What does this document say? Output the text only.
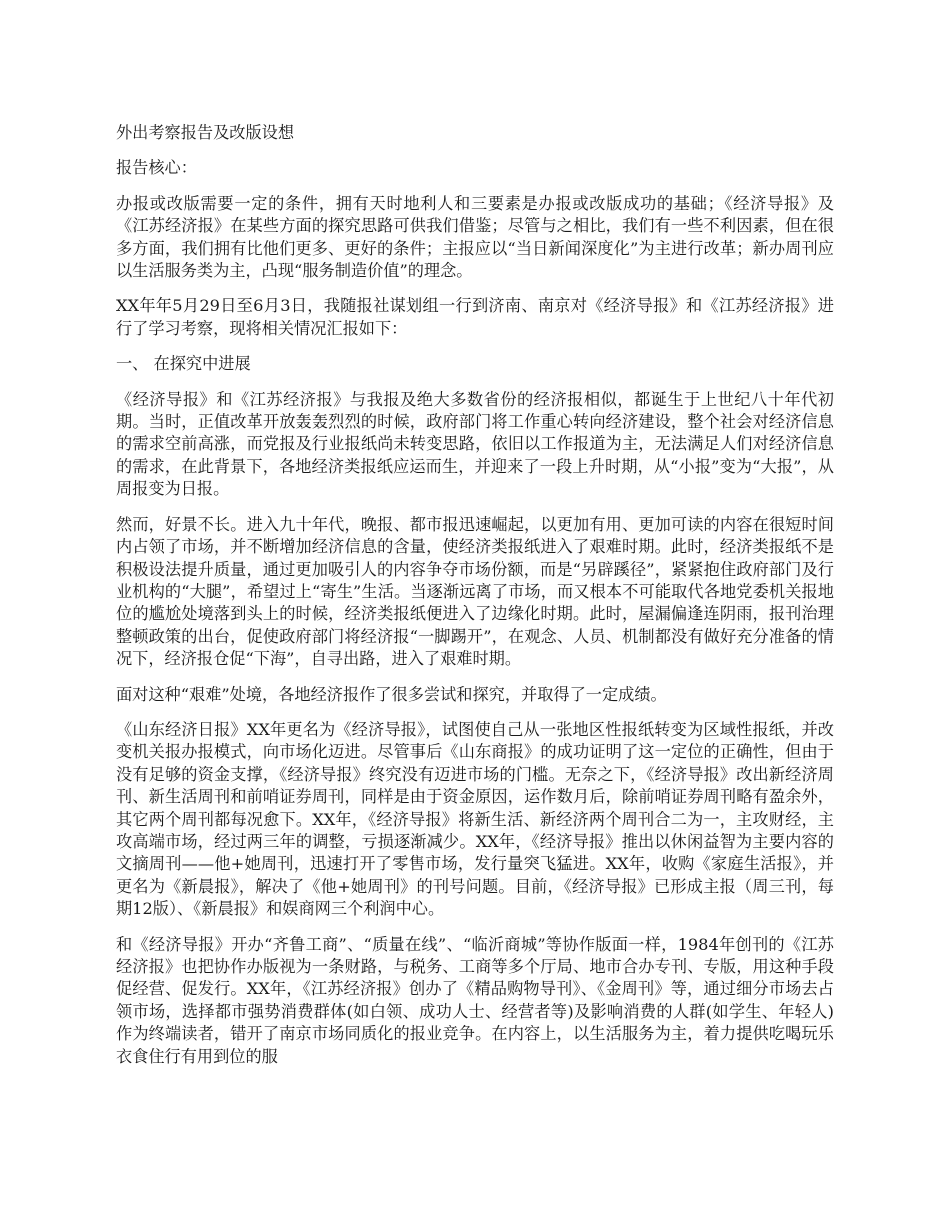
外出考察报告及改版设想

报告核心：

办报或改版需要一定的条件，拥有天时地利人和三要素是办报或改版成功的基础；《经济导报》及《江苏经济报》在某些方面的探究思路可供我们借鉴；尽管与之相比，我们有一些不利因素，但在很多方面，我们拥有比他们更多、更好的条件；主报应以“当日新闻深度化”为主进行改革；新办周刊应以生活服务类为主，凸现“服务制造价值”的理念。

XX年年5月29日至6月3日，我随报社谋划组一行到济南、南京对《经济导报》和《江苏经济报》进行了学习考察，现将相关情况汇报如下：

一、 在探究中进展

《经济导报》和《江苏经济报》与我报及绝大多数省份的经济报相似，都诞生于上世纪八十年代初期。当时，正值改革开放轰轰烈烈的时候，政府部门将工作重心转向经济建设，整个社会对经济信息的需求空前高涨，而党报及行业报纸尚未转变思路，依旧以工作报道为主，无法满足人们对经济信息的需求，在此背景下，各地经济类报纸应运而生，并迎来了一段上升时期，从“小报”变为“大报”，从周报变为日报。

然而，好景不长。进入九十年代，晚报、都市报迅速崛起，以更加有用、更加可读的内容在很短时间内占领了市场，并不断增加经济信息的含量，使经济类报纸进入了艰难时期。此时，经济类报纸不是积极设法提升质量，通过更加吸引人的内容争夺市场份额，而是“另辟蹊径”，紧紧抱住政府部门及行业机构的“大腿”，希望过上“寄生”生活。当逐渐远离了市场，而又根本不可能取代各地党委机关报地位的尴尬处境落到头上的时候，经济类报纸便进入了边缘化时期。此时，屋漏偏逢连阴雨，报刊治理整顿政策的出台，促使政府部门将经济报“一脚踢开”，在观念、人员、机制都没有做好充分准备的情况下，经济报仓促“下海”，自寻出路，进入了艰难时期。

面对这种“艰难”处境，各地经济报作了很多尝试和探究，并取得了一定成绩。

《山东经济日报》XX年更名为《经济导报》，试图使自己从一张地区性报纸转变为区域性报纸，并改变机关报办报模式，向市场化迈进。尽管事后《山东商报》的成功证明了这一定位的正确性，但由于没有足够的资金支撑，《经济导报》终究没有迈进市场的门槛。无奈之下，《经济导报》改出新经济周刊、新生活周刊和前哨证券周刊，同样是由于资金原因，运作数月后，除前哨证券周刊略有盈余外，其它两个周刊都每况愈下。XX年，《经济导报》将新生活、新经济两个周刊合二为一，主攻财经，主攻高端市场，经过两三年的调整，亏损逐渐减少。XX年，《经济导报》推出以休闲益智为主要内容的文摘周刊——他+她周刊，迅速打开了零售市场，发行量突飞猛进。XX年，收购《家庭生活报》，并更名为《新晨报》，解决了《他+她周刊》的刊号问题。目前，《经济导报》已形成主报（周三刊，每期12版）、《新晨报》和娱商网三个利润中心。

和《经济导报》开办“齐鲁工商”、“质量在线”、“临沂商城”等协作版面一样，1984年创刊的《江苏经济报》也把协作办版视为一条财路，与税务、工商等多个厅局、地市合办专刊、专版，用这种手段促经营、促发行。XX年，《江苏经济报》创办了《精品购物导刊》、《金周刊》等，通过细分市场去占领市场，选择都市强势消费群体(如白领、成功人士、经营者等)及影响消费的人群(如学生、年轻人)作为终端读者，错开了南京市场同质化的报业竞争。在内容上，以生活服务为主，着力提供吃喝玩乐衣食住行有用到位的服
